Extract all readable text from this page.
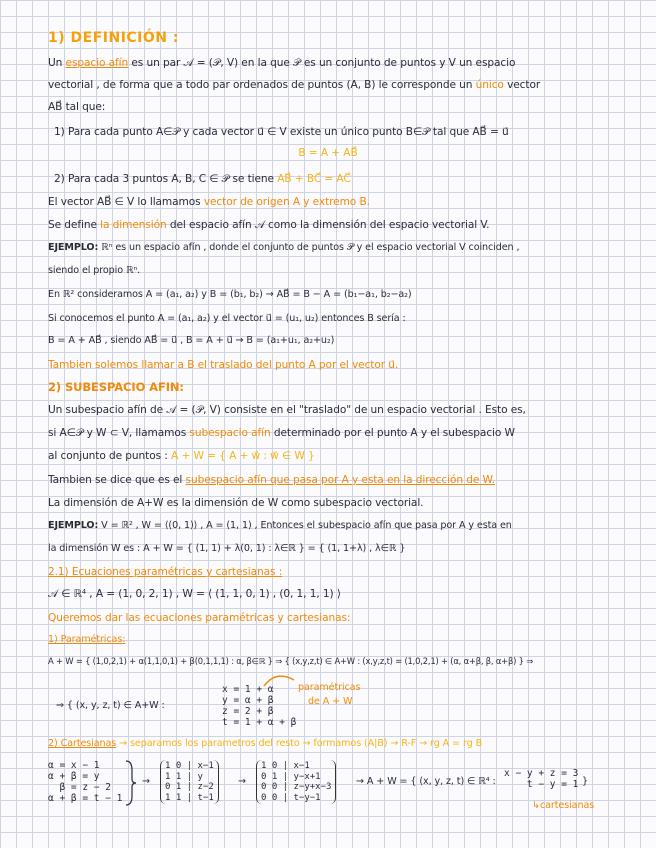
1) DEFINICIÓN :
Un espacio afín es un par 𝒜 = (𝒫, V) en la que 𝒫 es un conjunto de puntos y V un espacio
vectorial , de forma que a todo par ordenados de puntos (A, B) le corresponde un único vector
AB⃗ tal que:
1) Para cada punto A∈𝒫 y cada vector u⃗ ∈ V existe un único punto B∈𝒫 tal que AB⃗ = u⃗
B = A + AB⃗
2) Para cada 3 puntos A, B, C ∈ 𝒫 se tiene AB⃗ + BC⃗ = AC⃗
El vector AB⃗ ∈ V lo llamamos vector de origen A y extremo B.
Se define la dimensión del espacio afín 𝒜 como la dimensión del espacio vectorial V.
EJEMPLO: ℝⁿ es un espacio afín , donde el conjunto de puntos 𝒫 y el espacio vectorial V coinciden ,
siendo el propio ℝⁿ.
En ℝ² consideramos A = (a₁, a₂) y B = (b₁, b₂) → AB⃗ = B − A = (b₁−a₁, b₂−a₂)
Si conocemos el punto A = (a₁, a₂) y el vector u⃗ = (u₁, u₂) entonces B sería :
B = A + AB⃗ , siendo AB⃗ = u⃗ , B = A + u⃗ → B = (a₁+u₁, a₂+u₂)
Tambien solemos llamar a B el traslado del punto A por el vector u⃗.
2) SUBESPACIO AFIN:
Un subespacio afín de 𝒜 = (𝒫, V) consiste en el "traslado" de un espacio vectorial . Esto es,
si A∈𝒫 y W ⊂ V, llamamos subespacio afín determinado por el punto A y el subespacio W
al conjunto de puntos : A + W = { A + w⃗ : w⃗ ∈ W }
Tambien se dice que es el subespacio afín que pasa por A y esta en la dirección de W.
La dimensión de A+W es la dimensión de W como subespacio vectorial.
EJEMPLO: V = ℝ² , W = ⟨(0, 1)⟩ , A = (1, 1) , Entonces el subespacio afín que pasa por A y esta en
la dimensión W es : A + W = { (1, 1) + λ(0, 1) : λ∈ℝ } = { (1, 1+λ) , λ∈ℝ }
2.1) Ecuaciones paramétricas y cartesianas :
𝒜 ∈ ℝ⁴ , A = (1, 0, 2, 1) , W = ⟨ (1, 1, 0, 1) , (0, 1, 1, 1) ⟩
Queremos dar las ecuaciones paramétricas y cartesianas:
1) Paramétricas:
A + W = { (1,0,2,1) + α(1,1,0,1) + β(0,1,1,1) : α, β∈ℝ } ⇒ { (x,y,z,t) ∈ A+W : (x,y,z,t) = (1,0,2,1) + (α, α+β, β, α+β) } ⇒
⇒ { (x, y, z, t) ∈ A+W :
x = 1 + α
y = α + β
z = 2 + β
t = 1 + α + β
paramétricas
de A + W
2) Cartesianas → separamos los parametros del resto → formamos (A|B) → R-F → rg A = rg B
α = x − 1
α + β = y
β = z − 2
α + β = t − 1
→
1 0 | x−1
1 1 | y
0 1 | z−2
1 1 | t−1
→
1 0 | x−1
0 1 | y−x+1
0 0 | z−y+x−3
0 0 | t−y−1
→ A + W = { (x, y, z, t) ∈ ℝ⁴ :
x − y + z = 3
t − y = 1 }
↳cartesianas
